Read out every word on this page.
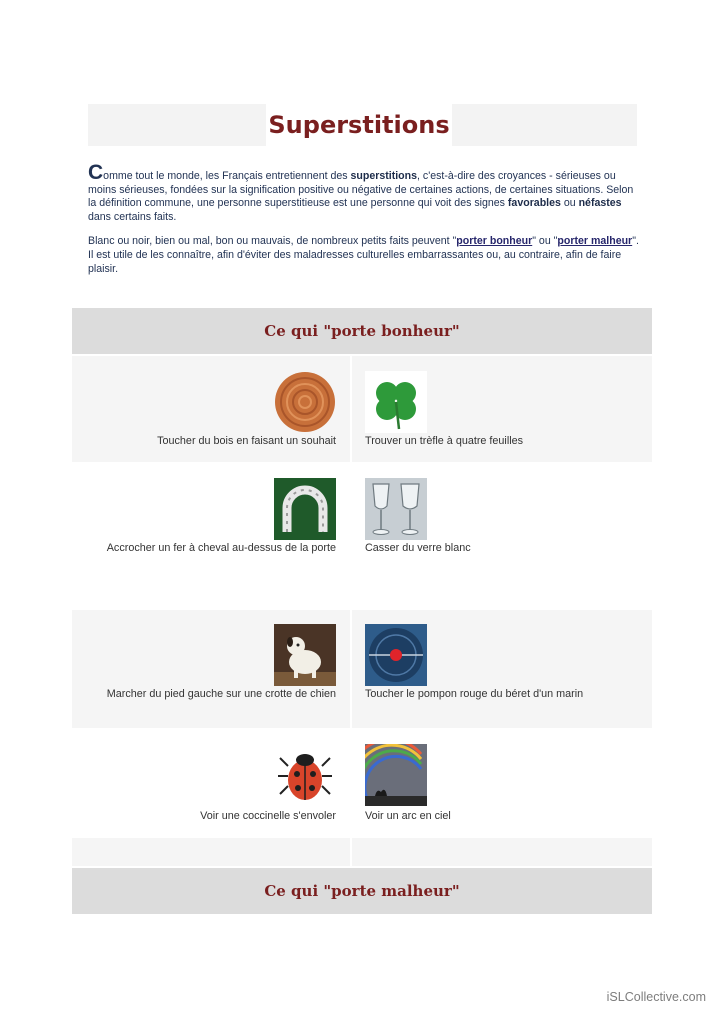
Superstitions

Comme tout le monde, les Français entretiennent des superstitions, c'est-à-dire des croyances - sérieuses ou moins sérieuses, fondées sur la signification positive ou négative de certaines actions, de certaines situations. Selon la définition commune, une personne superstitieuse est une personne qui voit des signes favorables ou néfastes dans certains faits.

Blanc ou noir, bien ou mal, bon ou mauvais, de nombreux petits faits peuvent "porter bonheur" ou "porter malheur". Il est utile de les connaître, afin d'éviter des maladresses culturelles embarrassantes ou, au contraire, afin de faire plaisir.

Ce qui "porte bonheur"
Toucher du bois en faisant un souhait	Trouver un trèfle à quatre feuilles
Accrocher un fer à cheval au-dessus de la porte	Casser du verre blanc
Marcher du pied gauche sur une crotte de chien	Toucher le pompon rouge du béret d'un marin
Voir une coccinelle s'envoler	Voir un arc en ciel
Ce qui "porte malheur"
iSLCollective.com
